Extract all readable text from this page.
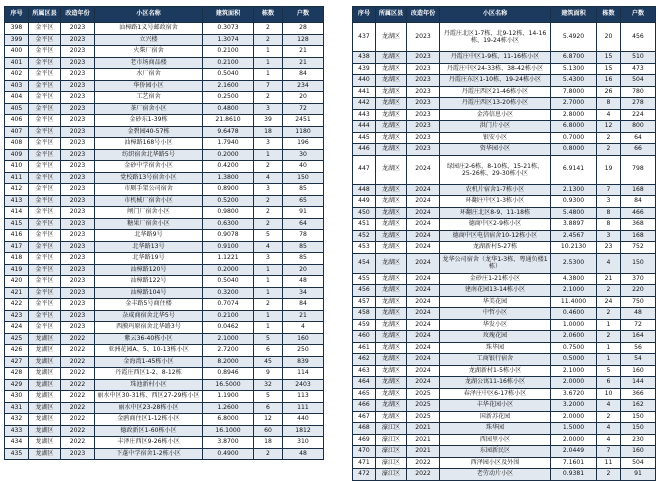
序号	所属区县	改造年份	小区名称	建筑面积	栋数	户数
398	金平区	2023	汕樟路1义号邮政宿舍	0.3073	2	28
399	金平区	2023	立兴楼	1.3074	2	128
400	金平区	2023	火柴厂宿舍	0.2100	1	21
401	金平区	2023	老市场商品楼	0.2100	1	21
402	金平区	2023	水厂宿舍	0.5040	1	84
403	金平区	2023	华侨园小区	2.1600	7	234
404	金平区	2023	工艺宿舍	0.2500	2	20
405	金平区	2023	茶厂宿舍小区	0.4800	3	72
406	金平区	2023	金砂东1-39栋	21.8610	39	2451
407	金平区	2023	金碧园40-57栋	9.6478	18	1180
408	金平区	2023	汕樟路168号小区	1.7940	3	196
409	金平区	2023	纺织宿舍北华路5号	0.2000	1	30
410	金平区	2023	金砂中学宿舍小区	0.4200	2	40
411	金平区	2023	党校路13号宿舍小区	1.3800	4	150
412	金平区	2023	市厕手架公司宿舍	0.8900	3	85
413	金平区	2023	市机械厂宿舍小区	0.5200	2	65
414	金平区	2023	闸门厂宿舍小区	0.9800	2	91
415	金平区	2023	糖果厂宿舍小区	0.6300	2	64
416	金平区	2023	北华路9号	0.9078	5	78
417	金平区	2023	北华路13号	0.9100	4	85
418	金平区	2023	北华路19号	1.1221	3	85
419	金平区	2023	汕樟路120号	0.2000	1	20
420	金平区	2023	汕樟路122号	0.5040	1	48
421	金平区	2023	汕樟路104号	0.3200	1	34
422	金平区	2023	金丰路5号商住楼	0.7074	2	84
423	金平区	2023	杂咸商宿舍北华5号	0.2100	1	21
424	金平区	2023	西膜玛原宿舍北华路3号	0.0462	1	4
425	龙湖区	2022	紫云36-40栋小区	2.1000	5	160
426	龙湖区	2022	亚洲花园A、5、10-13栋小区	2.7200	6	250
427	龙湖区	2022	金海湾1-45栋小区	8.2000	45	839
428	龙湖区	2022	丹霞庄西区1-2、8-12栋	0.8946	9	114
429	龙湖区	2022	珠池新村小区	16.5000	32	2403
430	龙湖区	2022	丽水中区30-31栋、西区27-29栋小区	1.1900	5	113
431	龙湖区	2022	丽水中区23-28栋小区	1.2600	6	111
432	龙湖区	2022	金鸥商住区1-12栋小区	6.8000	12	440
433	龙湖区	2022	德政新区1-60栋小区	16.1000	60	1812
434	龙湖区	2022	丰泽庄西区9-26栋小区	3.8700	18	310
435	龙湖区	2023	下蓬中学宿舍1-2栋小区	0.4900	2	48
序号	所属区县	改造年份	小区名称	建筑面积	栋数	户数
437	龙湖区	2023	丹霞庄北区1-7栋、北9-12栋、14-16栋、19-24栋小区	5.4920	20	456
438	龙湖区	2023	丹霞庄中区1-9栋、11-16栋小区	6.8700	15	510
439	龙湖区	2023	丹霞庄中区24-33栋、38-42栋小区	5.1300	15	473
440	龙湖区	2023	丹霞庄东区1-10栋、19-24栋小区	5.4300	16	504
441	龙湖区	2023	丹霞庄西区21-46栋小区	7.8000	26	780
442	龙湖区	2023	丹霞庄西区13-20栋小区	2.7000	8	278
443	龙湖区	2023	金涛信息小区	2.8000	4	224
444	龙湖区	2023	洪门片小区	6.8000	12	800
445	龙湖区	2023	银安小区	0.7000	2	64
446	龙湖区	2023	资华园小区	0.8000	2	66
447	龙湖区	2024	绿园庄2-6栋、8-10栋、15-21栋、25-26栋、29-30栋小区	6.9141	19	798
448	龙湖区	2024	农机片宿舍1-7栋小区	2.1300	7	168
449	龙湖区	2024	环翻庄中区1-3栋小区	0.9300	3	84
450	龙湖区	2024	环翻庄北区8-9、11-18栋	5.4800	8	466
451	龙湖区	2024	德商中区2-9栋小区	3.8897	8	368
452	龙湖区	2024	德商中区电信宿舍10-12栋小区	2.4567	3	168
453	龙湖区	2024	龙湖新村5-27栋	10.2130	23	752
454	龙湖区	2024	龙华公司宿舍（龙华1-3栋、粤通负楼1栋）	2.5300	4	150
455	龙湖区	2024	金砂庄1-21栋小区	4.3800	21	370
456	龙湖区	2024	建南花园13-14栋小区	2.1000	2	220
457	龙湖区	2024	华美花园	11.4000	24	750
458	龙湖区	2024	中哲小区	0.4600	2	48
459	龙湖区	2024	华发小区	1.0000	1	72
460	龙湖区	2024	玫瑰花园	2.0600	2	164
461	龙湖区	2024	珠毕园	0.7500	1	56
462	龙湖区	2024	工商银行宿舍	0.5000	1	54
463	龙湖区	2024	龙湖新村1-5栋小区	2.1000	5	160
464	龙湖区	2024	龙湖公寓11-16栋小区	2.0000	6	144
465	龙湖区	2025	春泽庄中区6-17栋小区	3.6720	10	366
466	龙湖区	2025	丰华花园小区	3.2000	4	162
467	龙湖区	2025	国新苏花园	2.0000	2	150
468	濠江区	2021	珠华园	1.5000	4	150
469	濠江区	2021	西园里小区	2.0000	4	230
470	濠江区	2021	东园新民区	2.0449	7	160
471	濠江区	2022	西泽园小区及外围	7.1601	11	504
472	濠江区	2022	老劳动片小区	0.9381	2	91
